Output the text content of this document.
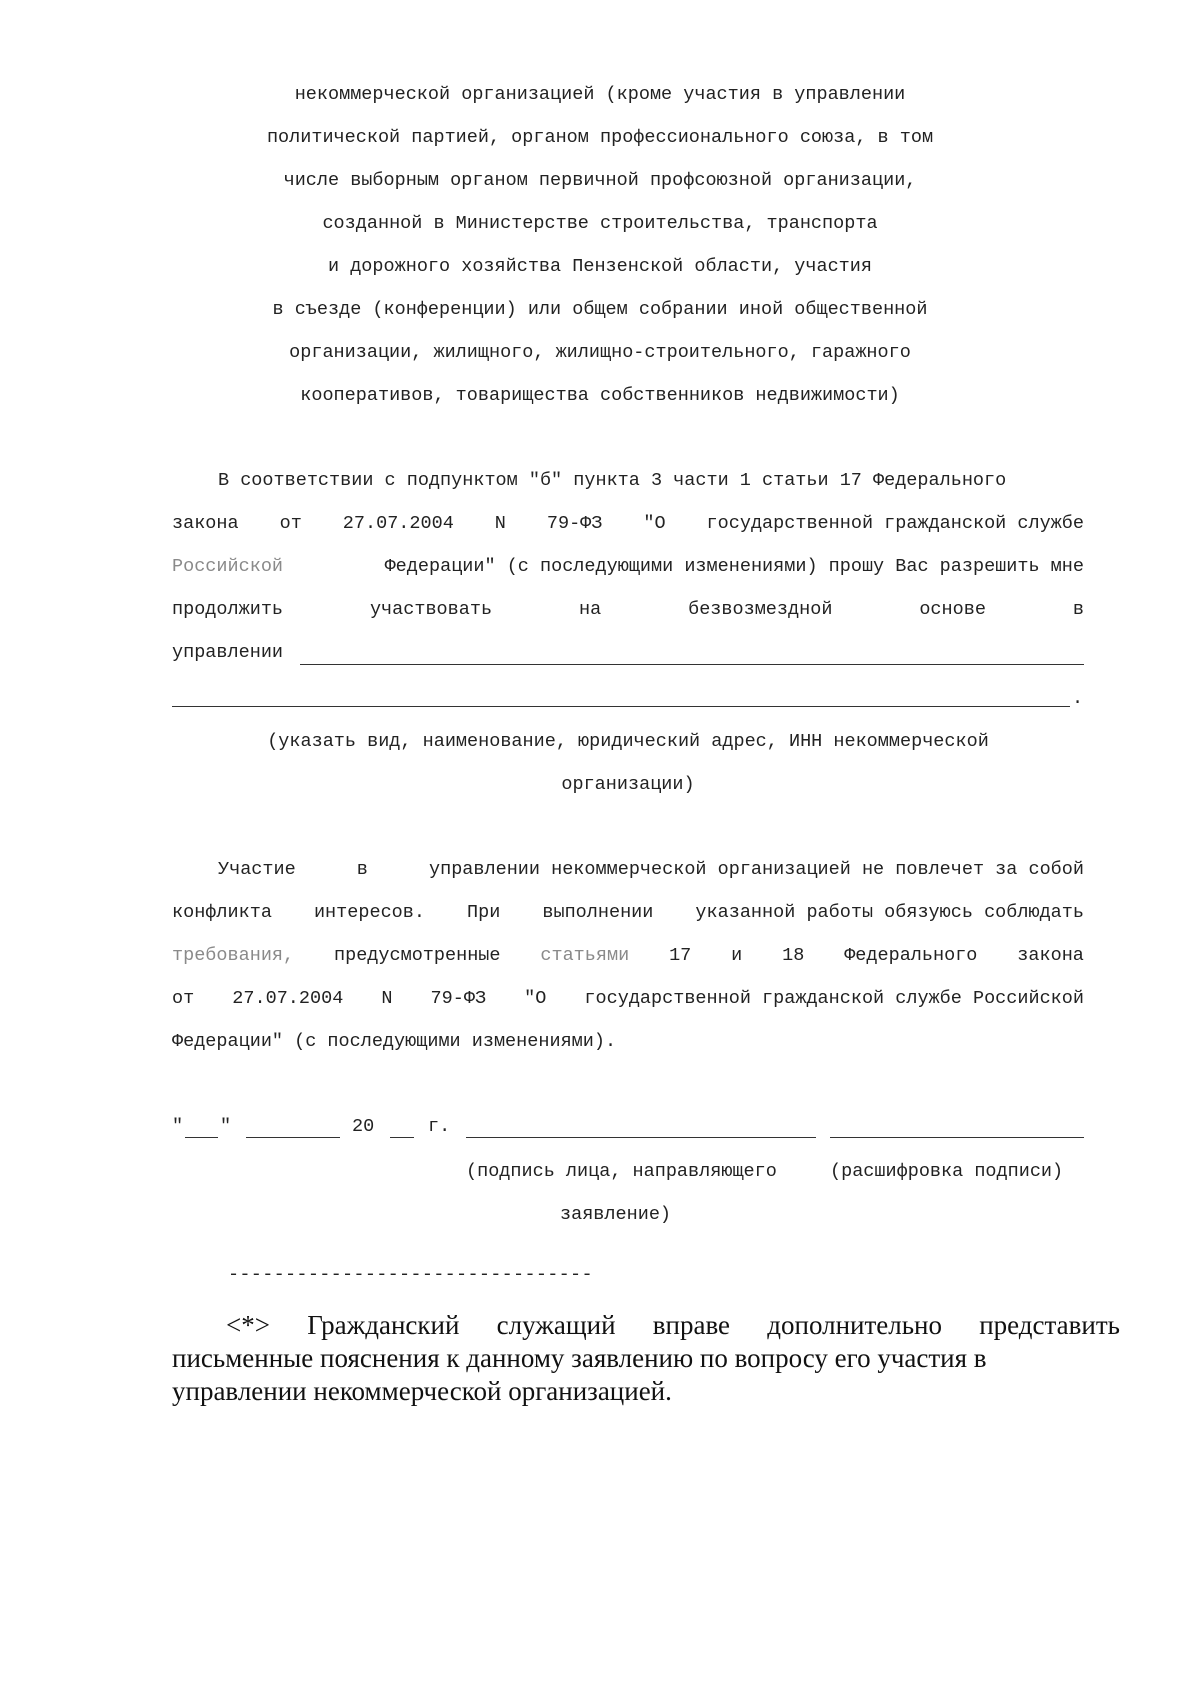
некоммерческой организацией (кроме участия в управлении
политической партией, органом профессионального союза, в том
числе выборным органом первичной профсоюзной организации,
созданной в Министерстве строительства, транспорта
и дорожного хозяйства Пензенской области, участия
в съезде (конференции) или общем собрании иной общественной
организации, жилищного, жилищно-строительного, гаражного
кооперативов, товарищества собственников недвижимости)
В соответствии с подпунктом "б" пункта 3 части 1 статьи 17 Федерального
закона от 27.07.2004 N 79-ФЗ "О государственной гражданской службе
Российской	Федерации" (с последующими изменениями) прошу Вас разрешить мне
продолжить	участвовать	на	безвозмездной	основе	в
управлении
.
(указать вид, наименование, юридический адрес, ИНН некоммерческой
организации)
Участие	в	управлении некоммерческой организацией не повлечет за собой
конфликта интересов. При выполнении указанной работы обязуюсь соблюдать
требования, предусмотренные статьями 17 и 18 Федерального закона
от 27.07.2004 N 79-ФЗ "О государственной гражданской службе Российской
Федерации" (с последующими изменениями).
" "	20	г.
(подпись лица, направляющего	(расшифровка подписи)
заявление)
--------------------------------
<*> Гражданский служащий вправе дополнительно представить
письменные пояснения к данному заявлению по вопросу его участия в
управлении некоммерческой организацией.
